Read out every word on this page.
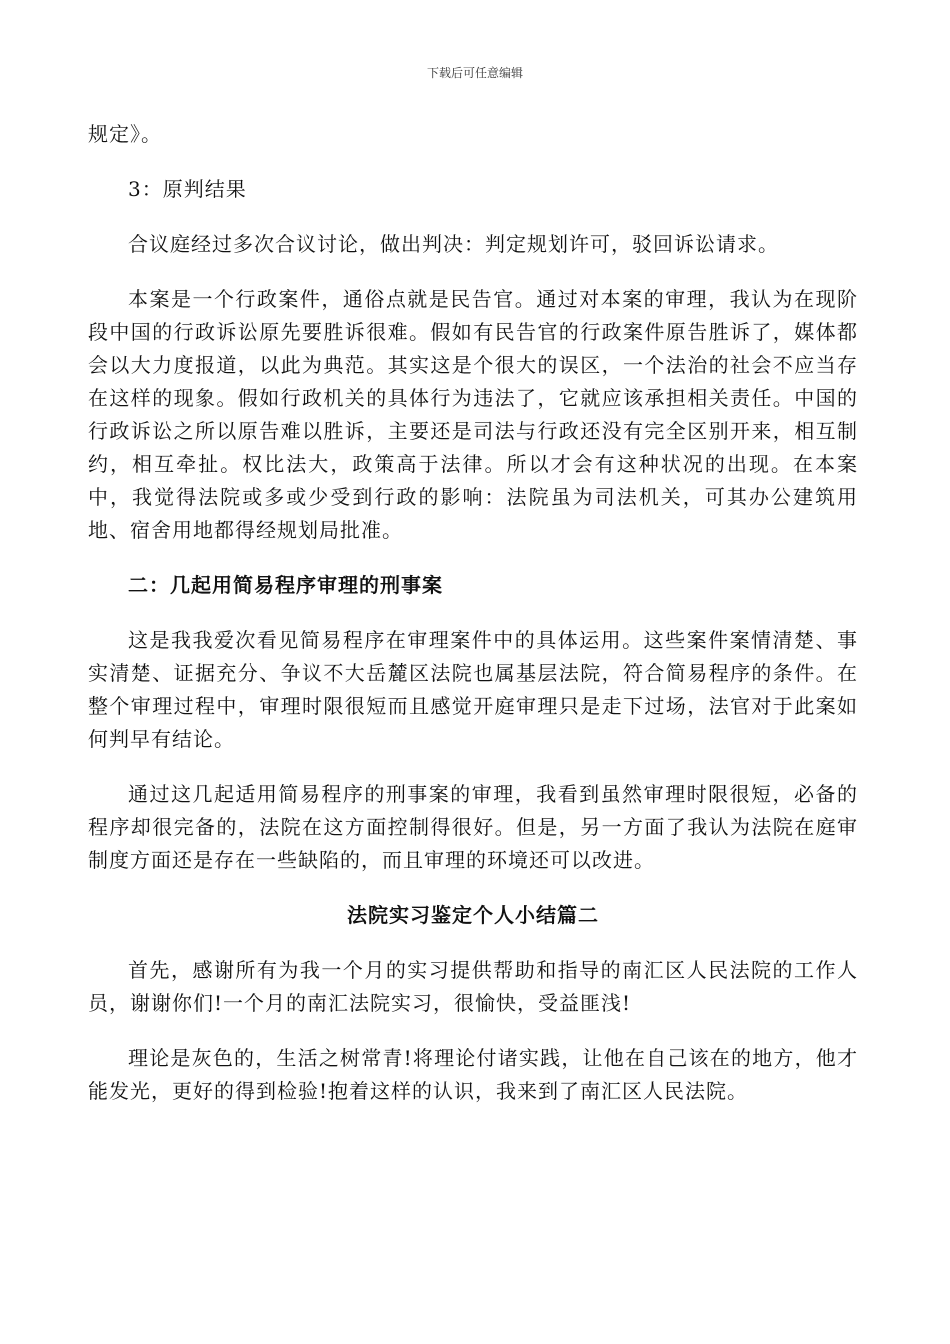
下载后可任意编辑

规定》。

3：原判结果

合议庭经过多次合议讨论，做出判决：判定规划许可，驳回诉讼请求。

本案是一个行政案件，通俗点就是民告官。通过对本案的审理，我认为在现阶段中国的行政诉讼原先要胜诉很难。假如有民告官的行政案件原告胜诉了，媒体都会以大力度报道，以此为典范。其实这是个很大的误区，一个法治的社会不应当存在这样的现象。假如行政机关的具体行为违法了，它就应该承担相关责任。中国的行政诉讼之所以原告难以胜诉，主要还是司法与行政还没有完全区别开来，相互制约，相互牵扯。权比法大，政策高于法律。所以才会有这种状况的出现。在本案中，我觉得法院或多或少受到行政的影响：法院虽为司法机关，可其办公建筑用地、宿舍用地都得经规划局批准。

二：几起用简易程序审理的刑事案

这是我我爱次看见简易程序在审理案件中的具体运用。这些案件案情清楚、事实清楚、证据充分、争议不大岳麓区法院也属基层法院，符合简易程序的条件。在整个审理过程中，审理时限很短而且感觉开庭审理只是走下过场，法官对于此案如何判早有结论。

通过这几起适用简易程序的刑事案的审理，我看到虽然审理时限很短，必备的程序却很完备的，法院在这方面控制得很好。但是，另一方面了我认为法院在庭审制度方面还是存在一些缺陷的，而且审理的环境还可以改进。

法院实习鉴定个人小结篇二

首先，感谢所有为我一个月的实习提供帮助和指导的南汇区人民法院的工作人员，谢谢你们!一个月的南汇法院实习，很愉快，受益匪浅!

理论是灰色的，生活之树常青!将理论付诸实践，让他在自己该在的地方，他才能发光，更好的得到检验!抱着这样的认识，我来到了南汇区人民法院。
